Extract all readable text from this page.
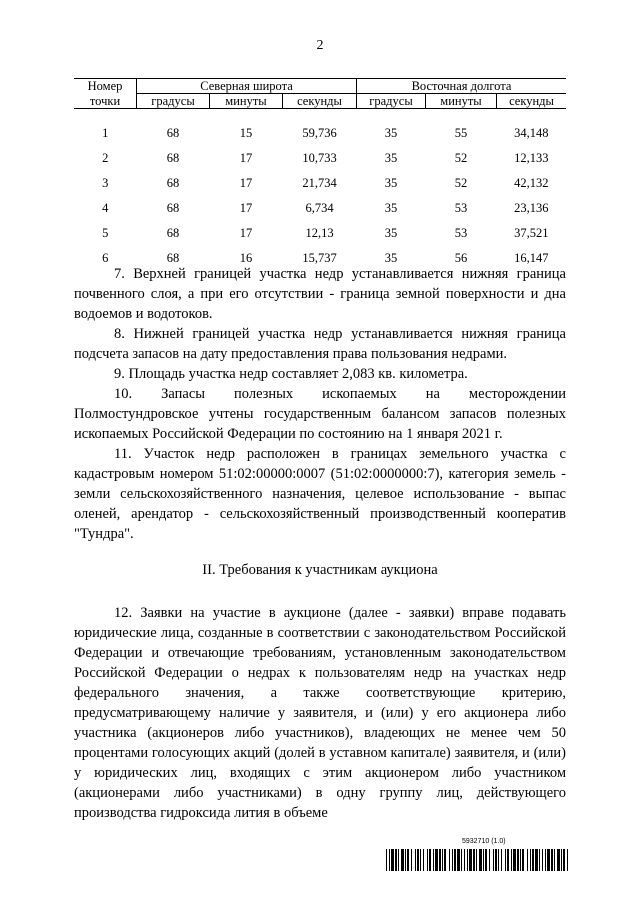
2
Номер	Северная широта			Восточная долгота		
точки	градусы	минуты	секунды	градусы	минуты	секунды

1	68	15	59,736	35	55	34,148
2	68	17	10,733	35	52	12,133
3	68	17	21,734	35	52	42,132
4	68	17	6,734	35	53	23,136
5	68	17	12,13	35	53	37,521
6	68	16	15,737	35	56	16,147

7. Верхней границей участка недр устанавливается нижняя граница почвенного слоя, а при его отсутствии - граница земной поверхности и дна водоемов и водотоков.

8. Нижней границей участка недр устанавливается нижняя граница подсчета запасов на дату предоставления права пользования недрами.

9. Площадь участка недр составляет 2,083 кв. километра.

10. Запасы полезных ископаемых на месторождении Полмостундровское учтены государственным балансом запасов полезных ископаемых Российской Федерации по состоянию на 1 января 2021 г.

11. Участок недр расположен в границах земельного участка с кадастровым номером 51:02:00000:0007 (51:02:0000000:7), категория земель - земли сельскохозяйственного назначения, целевое использование - выпас оленей, арендатор - сельскохозяйственный производственный кооператив "Тундра".

II. Требования к участникам аукциона

12. Заявки на участие в аукционе (далее - заявки) вправе подавать юридические лица, созданные в соответствии с законодательством Российской Федерации и отвечающие требованиям, установленным законодательством Российской Федерации о недрах к пользователям недр на участках недр федерального значения, а также соответствующие критерию, предусматривающему наличие у заявителя, и (или) у его акционера либо участника (акционеров либо участников), владеющих не менее чем 50 процентами голосующих акций (долей в уставном капитале) заявителя, и (или) у юридических лиц, входящих с этим акционером либо участником (акционерами либо участниками) в одну группу лиц, действующего производства гидроксида лития в объеме

5932710 (1.0)
